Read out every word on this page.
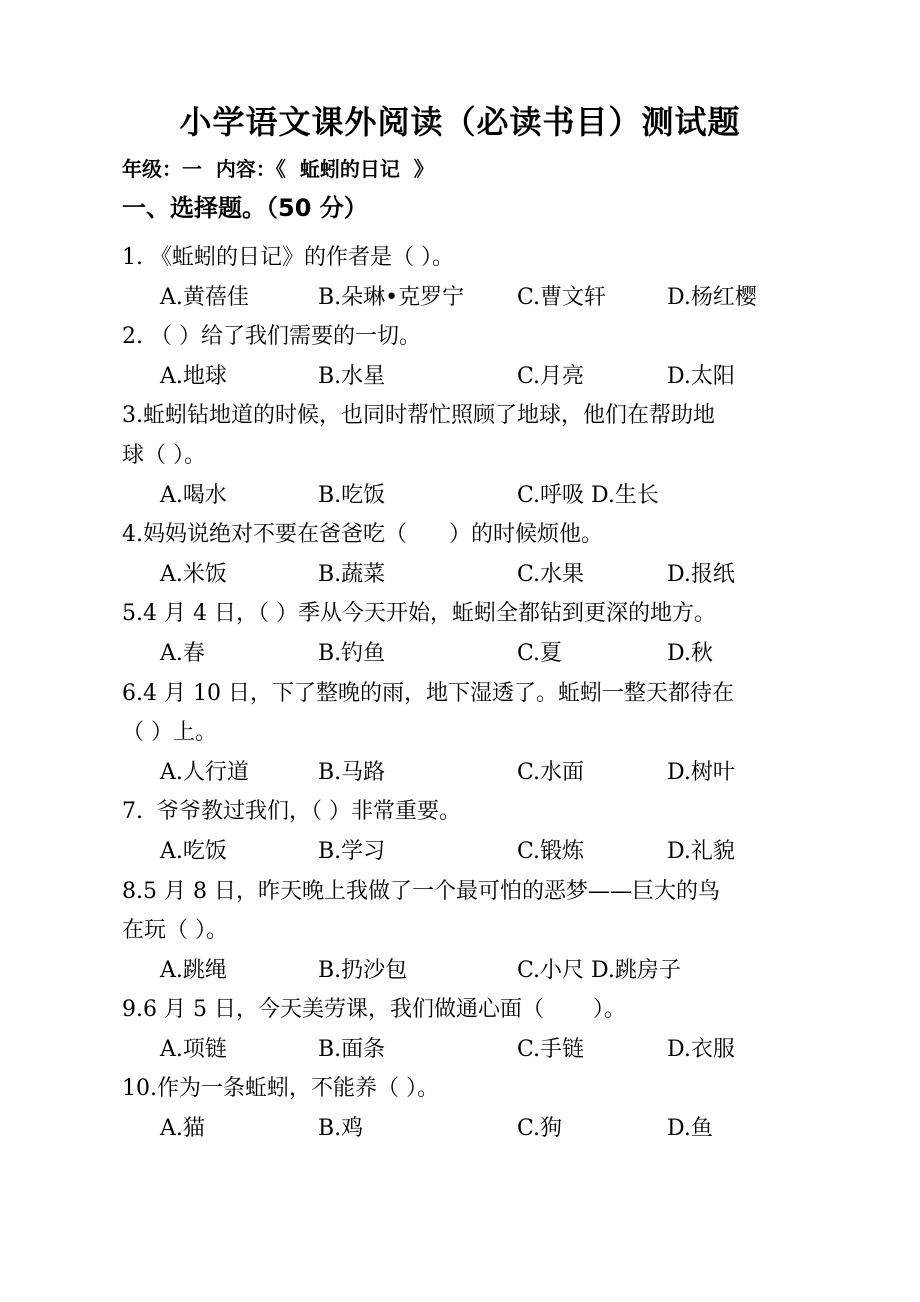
小学语文课外阅读（必读书目）测试题
年级：一  内容：《  蚯蚓的日记  》
一、选择题。（50 分）
1. 《蚯蚓的日记》的作者是（ ）。
A.黄蓓佳	B.朵琳•克罗宁 C.曹文轩	D.杨红樱
2. （ ）给了我们需要的一切。
A.地球	B.水星	C.月亮	D.太阳
3.蚯蚓钻地道的时候，也同时帮忙照顾了地球，他们在帮助地
球（ ）。
A.喝水	B.吃饭	C.呼吸 D.生长
4.妈妈说绝对不要在爸爸吃（      ）的时候烦他。
A.米饭	B.蔬菜	C.水果	D.报纸
5.4 月 4 日，（ ）季从今天开始，蚯蚓全都钻到更深的地方。
A.春	B.钓鱼	C.夏	D.秋
6.4 月 10 日，下了整晚的雨，地下湿透了。蚯蚓一整天都待在
（ ）上。
A.人行道	B.马路	C.水面	D.树叶
7.  爷爷教过我们，（ ）非常重要。
A.吃饭	B.学习	C.锻炼	D.礼貌
8.5 月 8 日，昨天晚上我做了一个最可怕的恶梦——巨大的鸟
在玩（ ）。
A.跳绳	B.扔沙包	C.小尺 D.跳房子
9.6 月 5 日，今天美劳课，我们做通心面（       ）。
A.项链	B.面条	C.手链	D.衣服
10.作为一条蚯蚓，不能养（ ）。
A.猫	B.鸡	C.狗	D.鱼
